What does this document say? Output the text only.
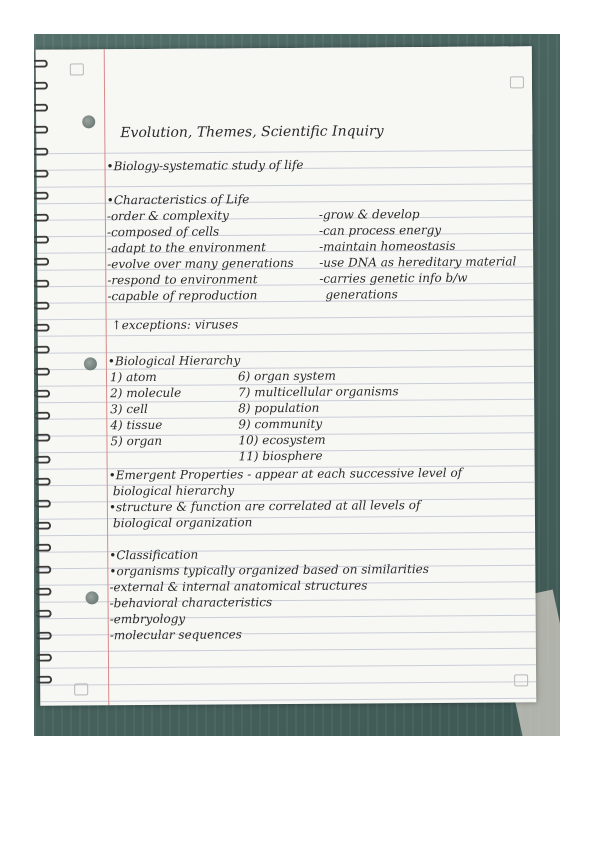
Evolution, Themes, Scientific Inquiry
•Biology-systematic study of life
•Characteristics of Life
-order & complexity
-composed of cells
-adapt to the environment
-evolve over many generations
-respond to environment
-capable of reproduction
-grow & develop
-can process energy
-maintain homeostasis
-use DNA as hereditary material
-carries genetic info b/w
generations
↑exceptions: viruses
•Biological Hierarchy
1) atom
2) molecule
3) cell
4) tissue
5) organ
6) organ system
7) multicellular organisms
8) population
9) community
10) ecosystem
11) biosphere
•Emergent Properties - appear at each successive level of
biological hierarchy
•structure & function are correlated at all levels of
biological organization
•Classification
•organisms typically organized based on similarities
-external & internal anatomical structures
-behavioral characteristics
-embryology
-molecular sequences
